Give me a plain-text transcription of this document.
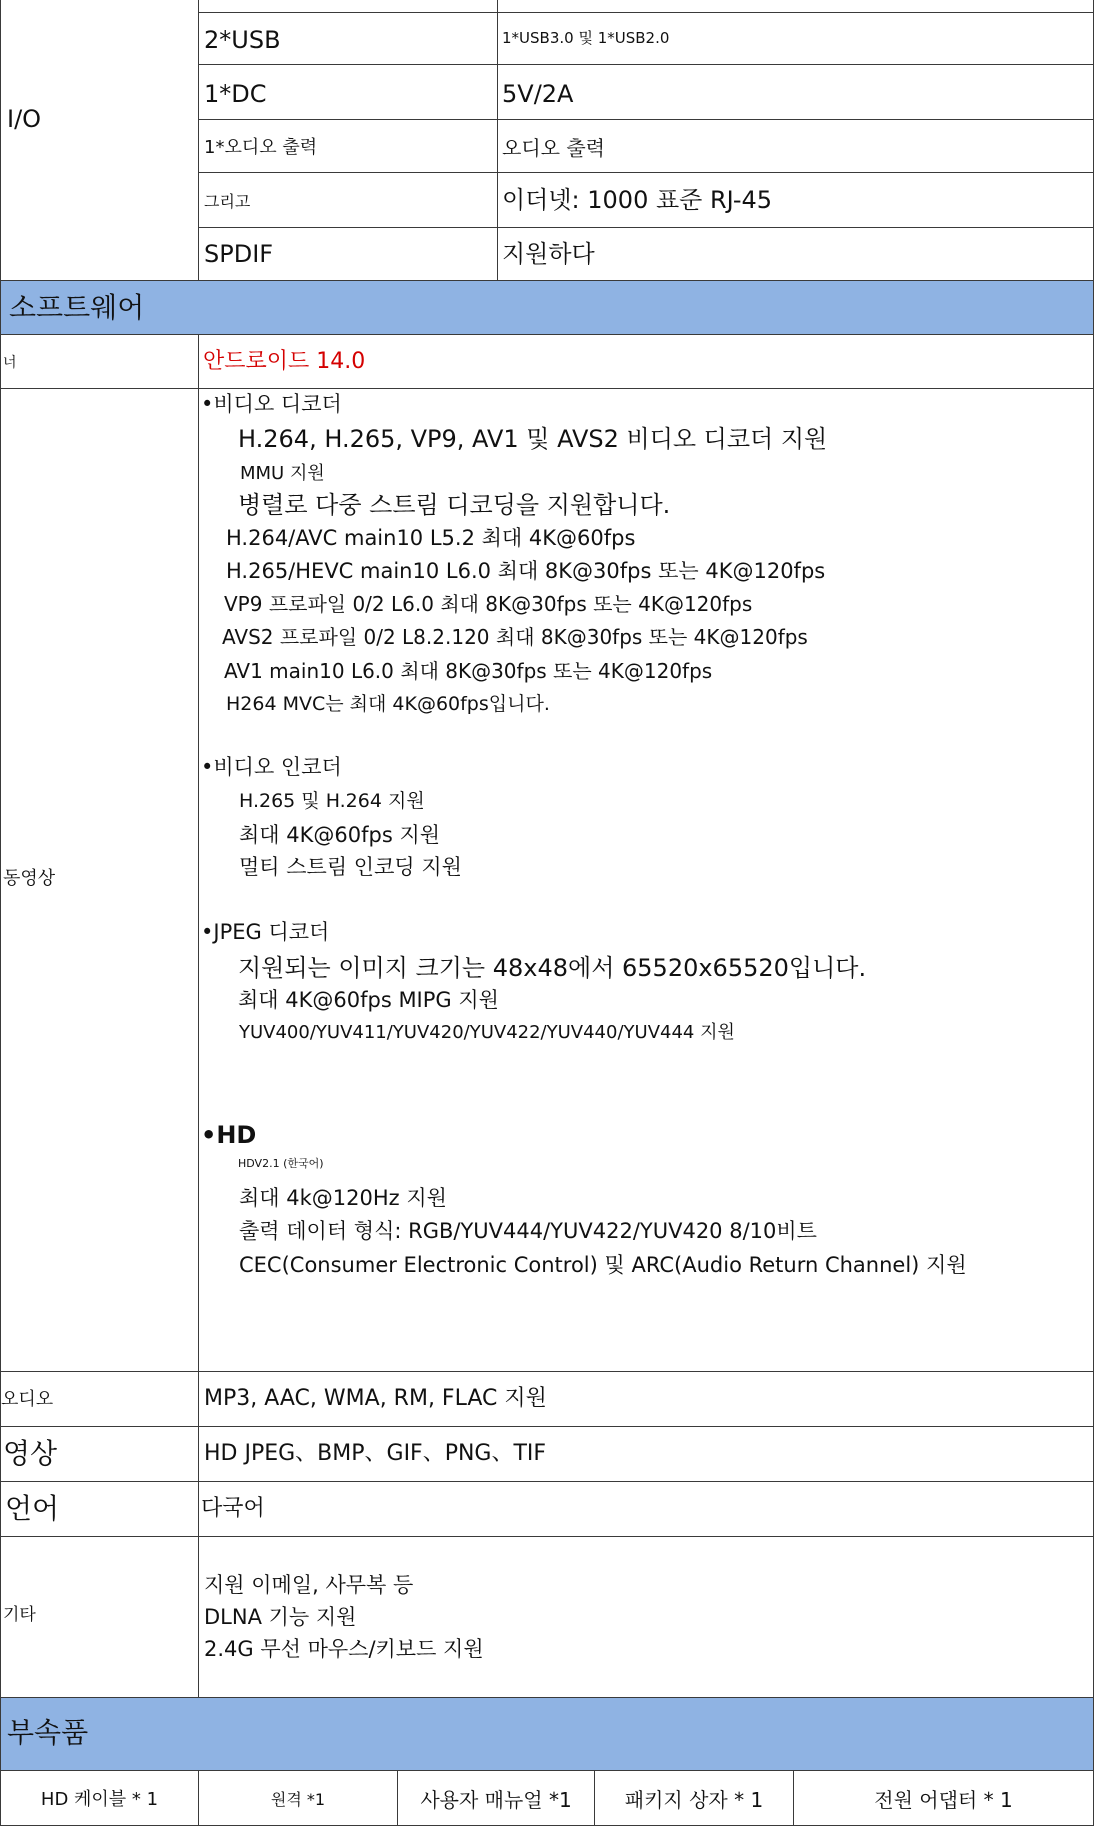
I/O
2*USB	1*USB3.0 및 1*USB2.0
1*DC	5V/2A
1*오디오 출력	오디오 출력
그리고	이더넷: 1000 표준 RJ-45
SPDIF	지원하다
소프트웨어
너	안드로이드 14.0
동영상
•비디오 디코더
H.264, H.265, VP9, AV1 및 AVS2 비디오 디코더 지원
MMU 지원
병렬로 다중 스트림 디코딩을 지원합니다.
H.264/AVC main10 L5.2 최대 4K@60fps
H.265/HEVC main10 L6.0 최대 8K@30fps 또는 4K@120fps
VP9 프로파일 0/2 L6.0 최대 8K@30fps 또는 4K@120fps
AVS2 프로파일 0/2 L8.2.120 최대 8K@30fps 또는 4K@120fps
AV1 main10 L6.0 최대 8K@30fps 또는 4K@120fps
H264 MVC는 최대 4K@60fps입니다.
•비디오 인코더
H.265 및 H.264 지원
최대 4K@60fps 지원
멀티 스트림 인코딩 지원
•JPEG 디코더
지원되는 이미지 크기는 48x48에서 65520x65520입니다.
최대 4K@60fps MIPG 지원
YUV400/YUV411/YUV420/YUV422/YUV440/YUV444 지원
•HD
HDV2.1 (한국어)
최대 4k@120Hz 지원
출력 데이터 형식: RGB/YUV444/YUV422/YUV420 8/10비트
CEC(Consumer Electronic Control) 및 ARC(Audio Return Channel) 지원
오디오	MP3, AAC, WMA, RM, FLAC 지원
영상	HD JPEG、BMP、GIF、PNG、TIF
언어	다국어
기타
지원 이메일, 사무복 등
DLNA 기능 지원
2.4G 무선 마우스/키보드 지원
부속품
HD 케이블 * 1	원격 *1	사용자 매뉴얼 *1	패키지 상자 * 1	전원 어댑터 * 1
